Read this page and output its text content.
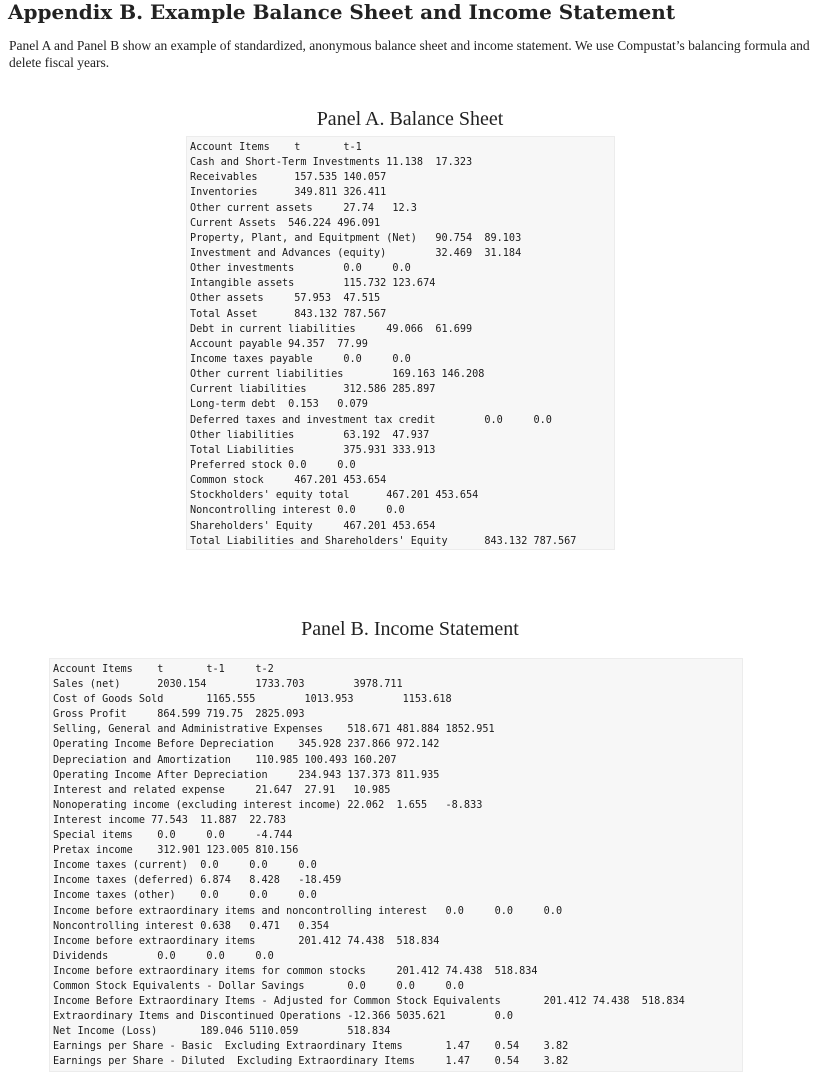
Appendix B. Example Balance Sheet and Income Statement
Panel A and Panel B show an example of standardized, anonymous balance sheet and income statement. We use Compustat’s balancing formula and delete fiscal years.
Panel A. Balance Sheet
Account Items    t       t-1
Cash and Short-Term Investments 11.138  17.323
Receivables      157.535 140.057
Inventories      349.811 326.411
Other current assets     27.74   12.3
Current Assets  546.224 496.091
Property, Plant, and Equitpment (Net)   90.754  89.103
Investment and Advances (equity)        32.469  31.184
Other investments        0.0     0.0
Intangible assets        115.732 123.674
Other assets     57.953  47.515
Total Asset      843.132 787.567
Debt in current liabilities     49.066  61.699
Account payable 94.357  77.99
Income taxes payable     0.0     0.0
Other current liabilities        169.163 146.208
Current liabilities      312.586 285.897
Long-term debt  0.153   0.079
Deferred taxes and investment tax credit        0.0     0.0
Other liabilities        63.192  47.937
Total Liabilities        375.931 333.913
Preferred stock 0.0     0.0
Common stock     467.201 453.654
Stockholders' equity total      467.201 453.654
Noncontrolling interest 0.0     0.0
Shareholders' Equity     467.201 453.654
Total Liabilities and Shareholders' Equity      843.132 787.567
Panel B. Income Statement
Account Items    t       t-1     t-2
Sales (net)      2030.154        1733.703        3978.711
Cost of Goods Sold       1165.555        1013.953        1153.618
Gross Profit     864.599 719.75  2825.093
Selling, General and Administrative Expenses    518.671 481.884 1852.951
Operating Income Before Depreciation    345.928 237.866 972.142
Depreciation and Amortization    110.985 100.493 160.207
Operating Income After Depreciation     234.943 137.373 811.935
Interest and related expense     21.647  27.91   10.985
Nonoperating income (excluding interest income) 22.062  1.655   -8.833
Interest income 77.543  11.887  22.783
Special items    0.0     0.0     -4.744
Pretax income    312.901 123.005 810.156
Income taxes (current)  0.0     0.0     0.0
Income taxes (deferred) 6.874   8.428   -18.459
Income taxes (other)    0.0     0.0     0.0
Income before extraordinary items and noncontrolling interest   0.0     0.0     0.0
Noncontrolling interest 0.638   0.471   0.354
Income before extraordinary items       201.412 74.438  518.834
Dividends        0.0     0.0     0.0
Income before extraordinary items for common stocks     201.412 74.438  518.834
Common Stock Equivalents - Dollar Savings       0.0     0.0     0.0
Income Before Extraordinary Items - Adjusted for Common Stock Equivalents       201.412 74.438  518.834
Extraordinary Items and Discontinued Operations -12.366 5035.621        0.0
Net Income (Loss)       189.046 5110.059        518.834
Earnings per Share - Basic  Excluding Extraordinary Items       1.47    0.54    3.82
Earnings per Share - Diluted  Excluding Extraordinary Items     1.47    0.54    3.82
